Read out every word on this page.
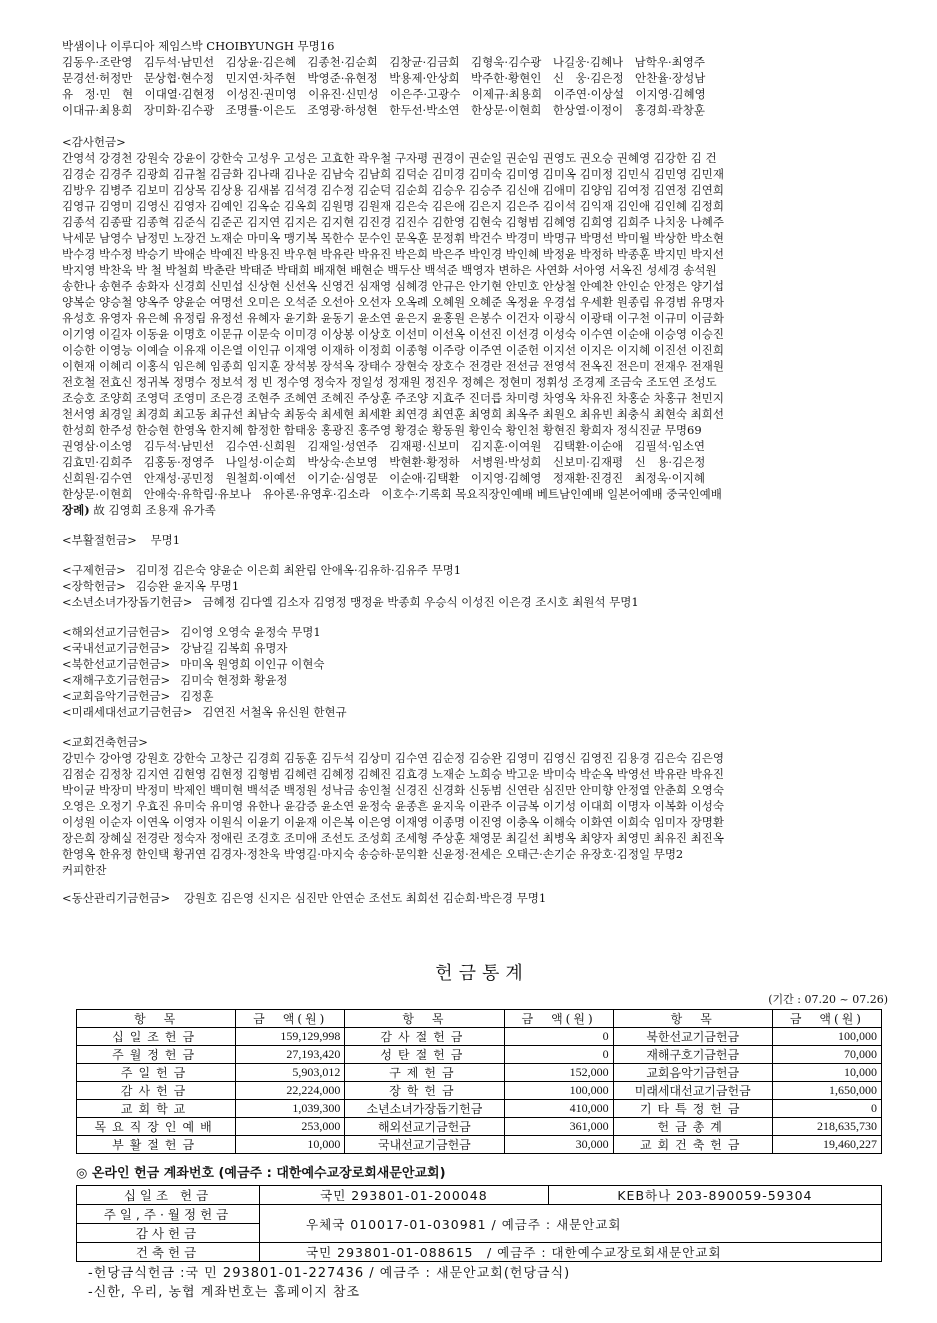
박샘이나 이루디아 제임스박 CHOIBYUNGH 무명16
김동우·조란영　김두석·남민선　김상윤·김은혜　김종천·김순희　김창균·김금희　김형욱·김수광　나길웅·김혜나　남학우·최영주
문경선·허정만　문상협·현수정　민지연·차주현　박영준·유현정　박용제·안상희　박주한·황현인　신　웅·김은정　안찬율·장성남
유　정·민　현　이대열·김현정　이성진·권미영　이유진·신민성　이은주·고광수　이제규·최용희　이주연·이상설　이지영·김혜영
이대규·최용희　장미화·김수광　조명률·이은도　조영광·하성현　한두선·박소연　한상문·이현희　한상열·이정이　홍경희·곽창훈
<감사헌금>
간영석 강경천 강원숙 강윤이 강한숙 고성우 고성은 고효한 곽우철 구자평 권경이 권순일 권순임 권영도 권오승 권혜영 김강한 김 건
김경순 김경주 김광희 김규철 김금화 김나래 김나운 김남숙 김남희 김덕순 김미경 김미숙 김미영 김미옥 김미정 김민식 김민영 김민재
김방우 김병주 김보미 김상목 김상용 김새봄 김석경 김수정 김순덕 김순희 김승우 김승주 김신애 김애미 김양임 김여정 김연정 김연희
김영규 김영미 김영신 김영자 김예인 김옥순 김옥희 김원명 김원재 김은숙 김은애 김은지 김은주 김이석 김익재 김인애 김인혜 김정희
김종석 김종팔 김종혁 김준식 김준곤 김지연 김지은 김지현 김진경 김진수 김한영 김현숙 김형범 김혜영 김희영 김희주 나치웅 나혜주
낙세문 남영수 남정민 노장건 노재순 마미옥 맹기복 목한수 문수인 문옥훈 문정휘 박건수 박경미 박명규 박명선 박미월 박상한 박소현
박수경 박수정 박승기 박애순 박예진 박용진 박우현 박유란 박유진 박은희 박은주 박인경 박인혜 박정윤 박정하 박종훈 박지민 박지선
박지영 박찬욱 박 철 박철희 박춘란 박태준 박태희 배재현 배현순 백두산 백석준 백영자 변하은 사연화 서아영 서옥진 성세경 송석원
송한나 송현주 송화자 신경희 신민섭 신상현 신선옥 신영건 심재영 심혜경 안규은 안기현 안민호 안상철 안예찬 안인순 안정은 양기섭
양복순 양승철 양옥주 양윤순 여명선 오미은 오석준 오선아 오선자 오옥례 오혜원 오혜준 옥정윤 우경섭 우세환 원종림 유경범 유명자
유성호 유영자 유은혜 유정림 유정선 유혜자 윤기화 윤동기 윤소연 윤은지 윤홍원 은봉수 이건자 이광식 이광태 이구천 이규미 이금화
이기영 이길자 이동윤 이명호 이문규 이문숙 이미경 이상봉 이상호 이선미 이선옥 이선진 이선경 이성숙 이수연 이순애 이승영 이승진
이승한 이영능 이예슬 이유재 이은열 이인규 이재영 이재하 이정희 이종형 이주랑 이주연 이준헌 이지선 이지은 이지혜 이진선 이진희
이현재 이혜리 이홍식 임은혜 임종희 임지훈 장석봉 장석옥 장태수 장현숙 장호수 전경란 전선금 전영석 전옥진 전은미 전재우 전재원
전호철 전효신 정귀복 정명수 정보석 정 빈 정수영 정숙자 정일성 정재원 정진우 정혜은 정현미 정휘성 조경제 조금숙 조도연 조성도
조승호 조양희 조영덕 조영미 조은경 조현주 조혜연 조혜진 주상훈 주조양 지효주 진더릅 차미령 차영옥 차유진 차홍순 차홍규 천민지
천서영 최경일 최경희 최고동 최규선 최남숙 최동숙 최세현 최세환 최연경 최연훈 최영희 최옥주 최원오 최유빈 최충식 최현숙 최희선
한성희 한주성 한승현 한영옥 한지혜 함정한 함태웅 홍광진 홍주영 황경순 황동원 황인숙 황인천 황현진 황희자 정식진균 무명69
권영삼·이소영　김두석·남민선　김수연·신희원　김재일·성연주　김재평·신보미　김지훈·이여원　김택환·이순애　김필석·임소연
김효민·김희주　김홍동·정영주　나일성·이순희　박상숙·손보영　박현환·황정하　서병원·박성희　신보미·김재평　신　용·김은정
신희원·김수연　안재성·공민정　원철희·이예선　이기순·심영문　이순애·김택환　이지영·김혜영　정재환·진경진　최정욱·이지혜
한상문·이현희　안애숙·유학림·유보나　유아론·유영후·김소라　이호수·기록회 목요직장인예배 베트남인예배 일본어예배 중국인예배
장례) 故 김영희 조용재 유가족
<부활절헌금> 무명1
<구제헌금> 김미정 김은숙 양윤순 이은희 최완림 안애옥·김유하·김유주 무명1
<장학헌금> 김승완 윤지옥 무명1
<소년소녀가장돕기헌금> 금혜정 김다엘 김소자 김영정 맹정윤 박종희 우승식 이성진 이은경 조시호 최원석 무명1
<해외선교기금헌금> 김이영 오영숙 윤정숙 무명1
<국내선교기금헌금> 강남길 김복희 유명자
<북한선교기금헌금> 마미옥 원영희 이인규 이현숙
<재해구호기금헌금> 김미숙 현정화 황윤정
<교회음악기금헌금> 김정훈
<미래세대선교기금헌금> 김연진 서철옥 유신원 한현규
<교회건축헌금>
강민수 강아영 강원호 강한숙 고창근 김경희 김동훈 김두석 김상미 김수연 김순정 김승완 김영미 김영신 김영진 김용경 김은숙 김은영
김점순 김정창 김지연 김현영 김현정 김형범 김혜련 김혜정 김혜진 김효경 노재순 노희승 박고운 박미숙 박순옥 박영선 박유란 박유진
박이균 박장미 박정미 박제인 백미현 백석준 백정원 성낙금 송인철 신경진 신경화 신동범 신연란 심진만 안미향 안정열 안춘희 오영숙
오영은 오정기 우효진 유미숙 유미영 유한나 윤감증 윤소연 윤정숙 윤종흔 윤지욱 이관주 이금복 이기성 이대희 이명자 이복화 이성숙
이성원 이순자 이연옥 이영자 이원식 이윤기 이윤재 이은복 이은영 이재영 이종명 이진영 이충옥 이해숙 이화연 이희숙 임미자 장명환
장은희 장혜실 전경란 정숙자 정애린 조경호 조미애 조선도 조성희 조세형 주상훈 채영문 최길선 최병옥 최양자 최영민 최유진 최진옥
한영옥 한유정 한인택 황귀연 김경자·정찬욱 박영길·마지숙 송승하·문익환 신윤정·전세은 오태근·손기순 유장호·김정일 무명2
커피한잔
<동산관리기금헌금> 강원호 김은영 신지은 심진만 안연순 조선도 최희선 김순희·박은경 무명1
헌금통계
(기간 : 07.20 ~ 07.26)
항　목	금　액(원)	항　목	금　액(원)	항　목	금　액(원)
십일조헌금	159,129,998	감사절헌금	0	북한선교기금헌금	100,000
주월정헌금	27,193,420	성탄절헌금	0	재해구호기금헌금	70,000
주일헌금	5,903,012	구제헌금	152,000	교회음악기금헌금	10,000
감사헌금	22,224,000	장학헌금	100,000	미래세대선교기금헌금	1,650,000
교회학교	1,039,300	소년소녀가장돕기헌금	410,000	기타특정헌금	0
목요직장인예배	253,000	해외선교기금헌금	361,000	헌금총계	218,635,730
부활절헌금	10,000	국내선교기금헌금	30,000	교회건축헌금	19,460,227
◎ 온라인 헌금 계좌번호 (예금주 : 대한예수교장로회새문안교회)
십일조 헌금	국민 293801-01-200048	KEB하나 203-890059-59304
주일,주·월정헌금	우체국 010017-01-030981 / 예금주 : 새문안교회	
감사헌금		
건축헌금	국민 293801-01-088615　/ 예금주 : 대한예수교장로회새문안교회	
-헌당금식헌금 :국 민 293801-01-227436 / 예금주 : 새문안교회(헌당금식)
-신한, 우리, 농협 계좌번호는 홈페이지 참조
